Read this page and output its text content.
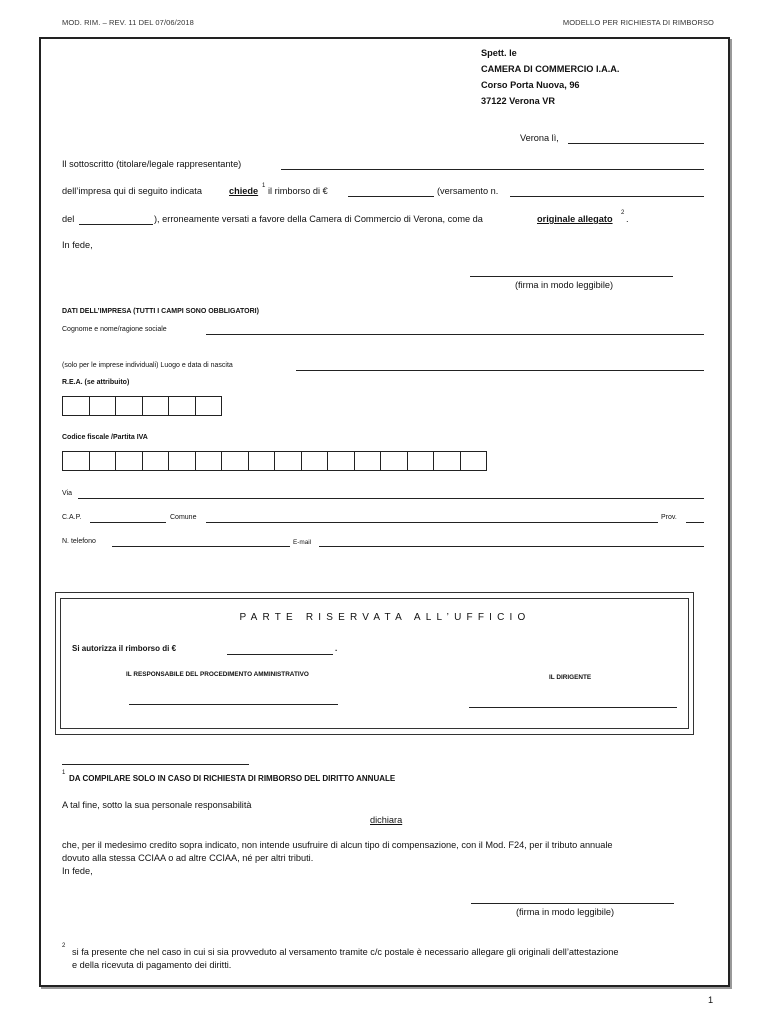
MOD. RIM. – REV. 11 DEL 07/06/2018	MODELLO PER RICHIESTA DI RIMBORSO
Spett. le
CAMERA DI COMMERCIO I.A.A.
Corso Porta Nuova, 96
37122 Verona VR
Verona lì,
Il sottoscritto (titolare/legale rappresentante)
dell’impresa qui di seguito indicata	chiede 1 il rimborso di €	(versamento n.
del	), erroneamente versati a favore della Camera di Commercio di Verona, come da	originale allegato
2
.
In fede,
(firma in modo leggibile)
DATI DELL’IMPRESA (TUTTI I CAMPI SONO OBBLIGATORI)
Cognome e nome/ragione sociale
(solo per le imprese individuali) Luogo e data di nascita
R.E.A. (se attribuito)
Codice fiscale /Partita IVA
Via
C.A.P.	Comune	Prov.
N. telefono	E-mail
PARTE RISERVATA ALL’UFFICIO
Si autorizza il rimborso di €	.
IL RESPONSABILE DEL PROCEDIMENTO AMMINISTRATIVO	IL DIRIGENTE
1
DA COMPILARE SOLO IN CASO DI RICHIESTA DI RIMBORSO DEL DIRITTO ANNUALE
A tal fine, sotto la sua personale responsabilità
dichiara
che, per il medesimo credito sopra indicato, non intende usufruire di alcun tipo di compensazione, con il Mod. F24, per il tributo annuale
dovuto alla stessa CCIAA o ad altre CCIAA, né per altri tributi.
In fede,
(firma in modo leggibile)
2
si fa presente che nel caso in cui si sia provveduto al versamento tramite c/c postale è necessario allegare gli originali dell’attestazione
e della ricevuta di pagamento dei diritti.
1
